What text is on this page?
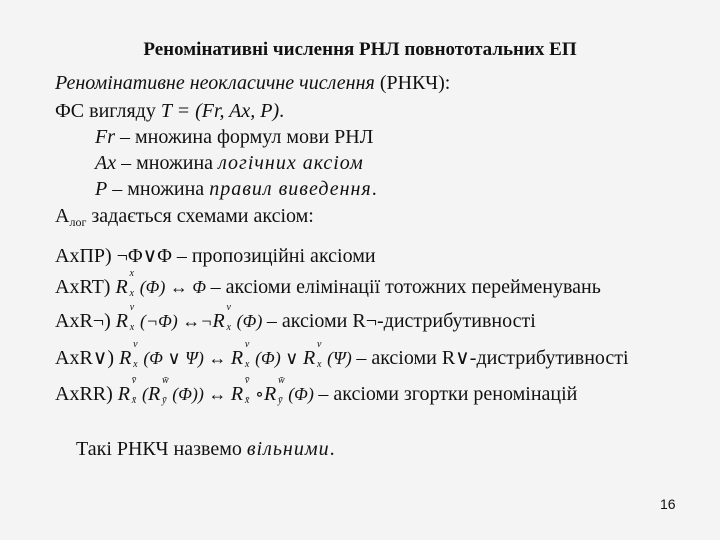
Реномінативні числення РНЛ повнототальних ЕП
Реномінативне неокласичне числення (РНКЧ):
ФС вигляду T = (Fr, Ax, P).
Fr – множина формул мови РНЛ
Ax – множина логічних аксіом
P – множина правил виведення.
$A_{лог}$ задається схемами аксіом:
AxПР) ¬Φ∨Φ – пропозиційні аксіоми
AxRT) R
x
x (Φ) ↔ Φ – аксіоми елімінації тотожних перейменувань
AxR¬) R
v
x (¬Φ) ↔¬R
v
x (Φ) – аксіоми R¬-дистрибутивності
AxR∨) R
v
x (Φ ∨ Ψ) ↔ R
v
x (Φ) ∨ R
v
x (Ψ) – аксіоми R∨-дистрибутивності
AxRR) R
v̄
x̄ (R
w̄
ȳ (Φ)) ↔ R
v̄
x̄ ∘R
w̄
ȳ (Φ) – аксіоми згортки реномінацій
Такі РНКЧ назвемо вільними.
16
